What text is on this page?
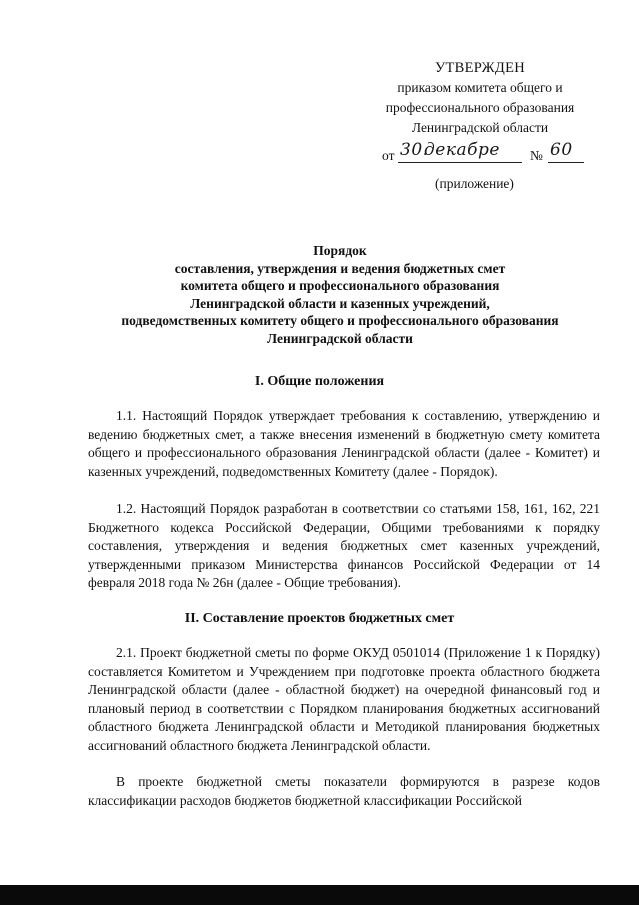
УТВЕРЖДЕН
приказом комитета общего и
профессионального образования
Ленинградской области
от 30.
декабре № 60
(приложение)
Порядок
составления, утверждения и ведения бюджетных смет
комитета общего и профессионального образования
Ленинградской области и казенных учреждений,
подведомственных комитету общего и профессионального образования
Ленинградской области
I. Общие положения
1.1. Настоящий Порядок утверждает требования к составлению, утверждению и ведению бюджетных смет, а также внесения изменений в бюджетную смету комитета общего и профессионального образования Ленинградской области (далее - Комитет) и казенных учреждений, подведомственных Комитету (далее - Порядок).
1.2. Настоящий Порядок разработан в соответствии со статьями 158, 161, 162, 221 Бюджетного кодекса Российской Федерации, Общими требованиями к порядку составления, утверждения и ведения бюджетных смет казенных учреждений, утвержденными приказом Министерства финансов Российской Федерации от 14 февраля 2018 года № 26н (далее - Общие требования).
II. Составление проектов бюджетных смет
2.1. Проект бюджетной сметы по форме ОКУД 0501014 (Приложение 1 к Порядку) составляется Комитетом и Учреждением при подготовке проекта областного бюджета Ленинградской области (далее - областной бюджет) на очередной финансовый год и плановый период в соответствии с Порядком планирования бюджетных ассигнований областного бюджета Ленинградской области и Методикой планирования бюджетных ассигнований областного бюджета Ленинградской области.
В проекте бюджетной сметы показатели формируются в разрезе кодов классификации расходов бюджетов бюджетной классификации Российской
